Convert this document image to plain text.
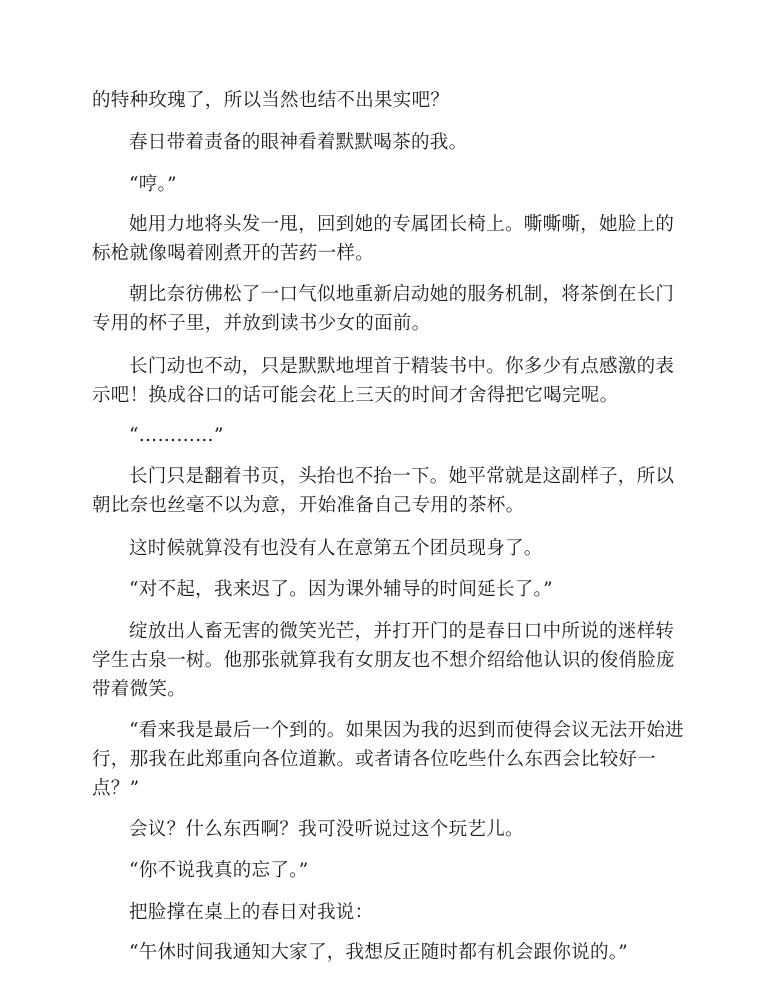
的特种玫瑰了，所以当然也结不出果实吧？

春日带着责备的眼神看着默默喝茶的我。

“哼。”

她用力地将头发一甩，回到她的专属团长椅上。嘶嘶嘶，她脸上的标枪就像喝着刚煮开的苦药一样。

朝比奈彷佛松了一口气似地重新启动她的服务机制，将茶倒在长门专用的杯子里，并放到读书少女的面前。

长门动也不动，只是默默地埋首于精装书中。你多少有点感激的表示吧！换成谷口的话可能会花上三天的时间才舍得把它喝完呢。

“…………”

长门只是翻着书页，头抬也不抬一下。她平常就是这副样子，所以朝比奈也丝毫不以为意，开始准备自己专用的茶杯。

这时候就算没有也没有人在意第五个团员现身了。

“对不起，我来迟了。因为课外辅导的时间延长了。”

绽放出人畜无害的微笑光芒，并打开门的是春日口中所说的迷样转学生古泉一树。他那张就算我有女朋友也不想介绍给他认识的俊俏脸庞带着微笑。

“看来我是最后一个到的。如果因为我的迟到而使得会议无法开始进行，那我在此郑重向各位道歉。或者请各位吃些什么东西会比较好一点？”

会议？什么东西啊？我可没听说过这个玩艺儿。

“你不说我真的忘了。”

把脸撑在桌上的春日对我说：

“午休时间我通知大家了，我想反正随时都有机会跟你说的。”
